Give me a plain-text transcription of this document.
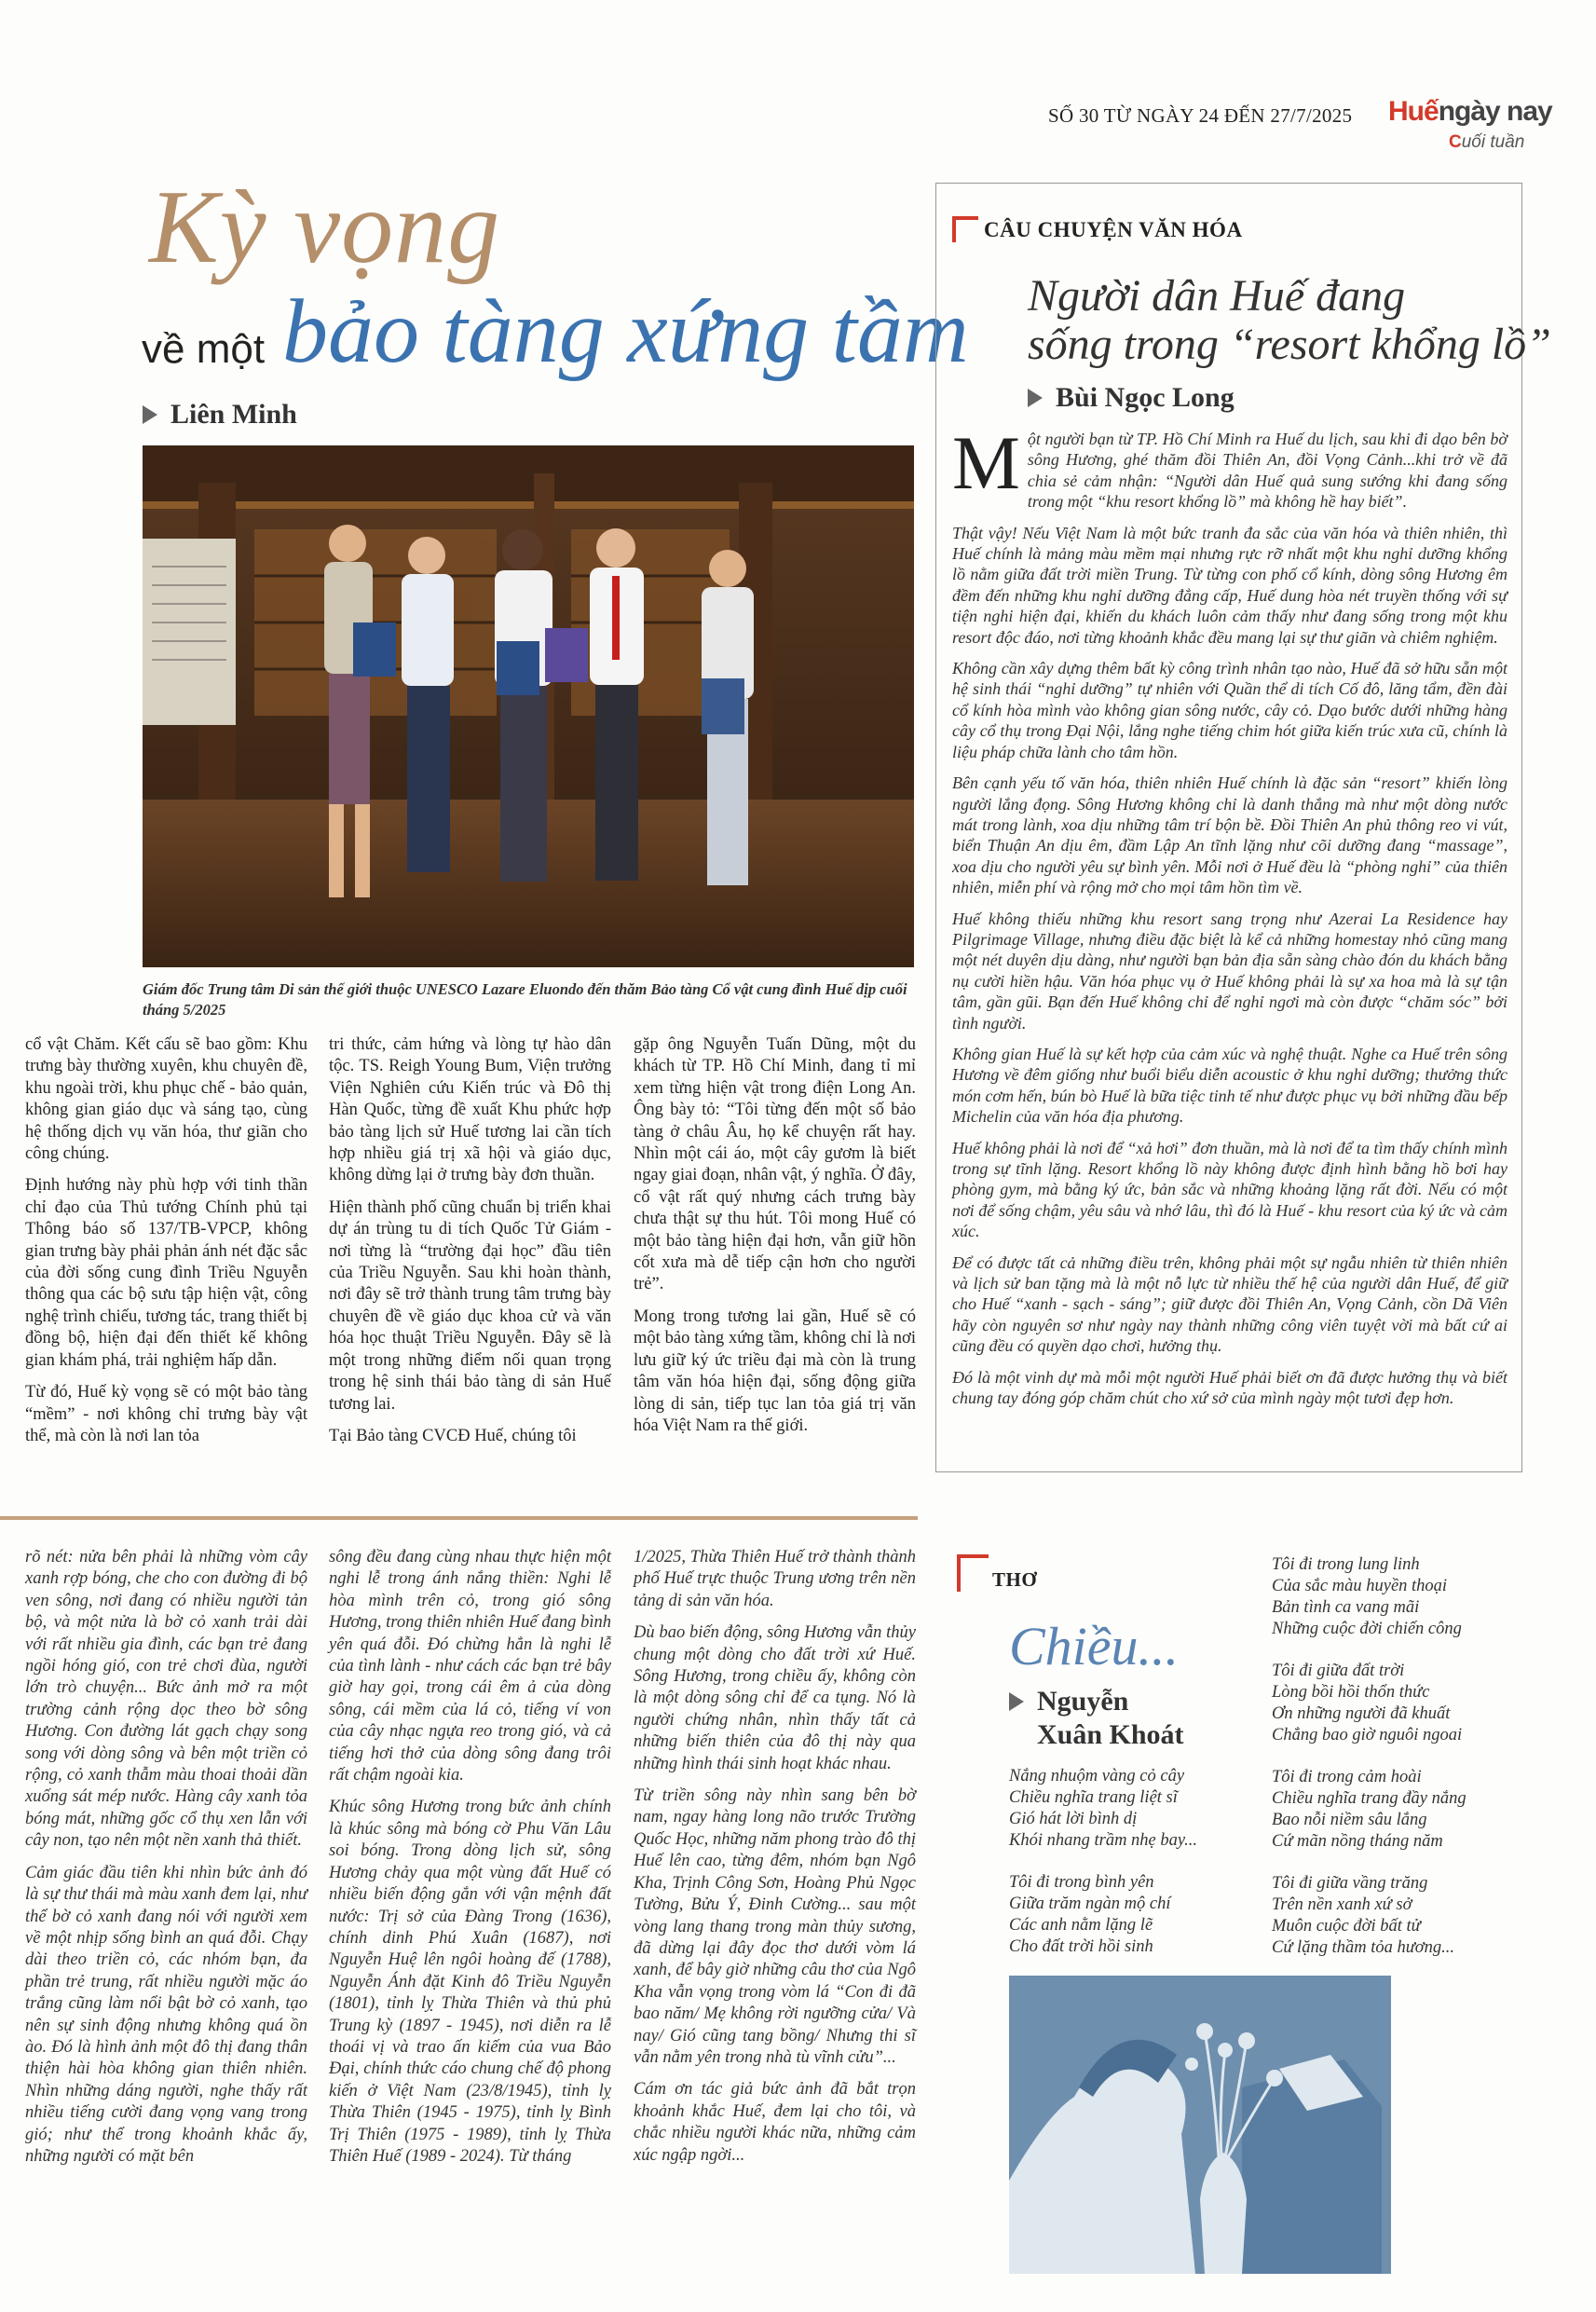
SỐ 30 TỪ NGÀY 24 ĐẾN 27/7/2025 Huếngày nay
Cuối tuần
Kỳ vọng
về một bảo tàng xứng tầm
Liên Minh
Giám đốc Trung tâm Di sản thế giới thuộc UNESCO Lazare Eluondo đến thăm Bảo tàng Cổ vật cung đình Huế dịp cuối tháng 5/2025

cổ vật Chăm. Kết cấu sẽ bao gồm: Khu trưng bày thường xuyên, khu chuyên đề, khu ngoài trời, khu phục chế - bảo quản, không gian giáo dục và sáng tạo, cùng hệ thống dịch vụ văn hóa, thư giãn cho công chúng.

Định hướng này phù hợp với tinh thần chỉ đạo của Thủ tướng Chính phủ tại Thông báo số 137/TB-VPCP, không gian trưng bày phải phản ánh nét đặc sắc của đời sống cung đình Triều Nguyễn thông qua các bộ sưu tập hiện vật, công nghệ trình chiếu, tương tác, trang thiết bị đồng bộ, hiện đại đến thiết kế không gian khám phá, trải nghiệm hấp dẫn.

Từ đó, Huế kỳ vọng sẽ có một bảo tàng “mềm” - nơi không chỉ trưng bày vật thể, mà còn là nơi lan tỏa

tri thức, cảm hứng và lòng tự hào dân tộc. TS. Reigh Young Bum, Viện trưởng Viện Nghiên cứu Kiến trúc và Đô thị Hàn Quốc, từng đề xuất Khu phức hợp bảo tàng lịch sử Huế tương lai cần tích hợp nhiều giá trị xã hội và giáo dục, không dừng lại ở trưng bày đơn thuần.

Hiện thành phố cũng chuẩn bị triển khai dự án trùng tu di tích Quốc Tử Giám - nơi từng là “trường đại học” đầu tiên của Triều Nguyễn. Sau khi hoàn thành, nơi đây sẽ trở thành trung tâm trưng bày chuyên đề về giáo dục khoa cử và văn hóa học thuật Triều Nguyễn. Đây sẽ là một trong những điểm nối quan trọng trong hệ sinh thái bảo tàng di sản Huế tương lai.

Tại Bảo tàng CVCĐ Huế, chúng tôi

gặp ông Nguyễn Tuấn Dũng, một du khách từ TP. Hồ Chí Minh, đang tỉ mỉ xem từng hiện vật trong điện Long An. Ông bày tỏ: “Tôi từng đến một số bảo tàng ở châu Âu, họ kể chuyện rất hay. Nhìn một cái áo, một cây gươm là biết ngay giai đoạn, nhân vật, ý nghĩa. Ở đây, cổ vật rất quý nhưng cách trưng bày chưa thật sự thu hút. Tôi mong Huế có một bảo tàng hiện đại hơn, vẫn giữ hồn cốt xưa mà dễ tiếp cận hơn cho người trẻ”.

Mong trong tương lai gần, Huế sẽ có một bảo tàng xứng tầm, không chỉ là nơi lưu giữ ký ức triều đại mà còn là trung tâm văn hóa hiện đại, sống động giữa lòng di sản, tiếp tục lan tỏa giá trị văn hóa Việt Nam ra thế giới.

rõ nét: nửa bên phải là những vòm cây xanh rợp bóng, che cho con đường đi bộ ven sông, nơi đang có nhiều người tản bộ, và một nửa là bờ cỏ xanh trải dài với rất nhiều gia đình, các bạn trẻ đang ngồi hóng gió, con trẻ chơi đùa, người lớn trò chuyện... Bức ảnh mở ra một trường cảnh rộng dọc theo bờ sông Hương. Con đường lát gạch chạy song song với dòng sông và bên một triền cỏ rộng, cỏ xanh thẫm màu thoai thoải dần xuống sát mép nước. Hàng cây xanh tỏa bóng mát, những gốc cổ thụ xen lẫn với cây non, tạo nên một nền xanh thả thiết.

Cảm giác đầu tiên khi nhìn bức ảnh đó là sự thư thái mà màu xanh đem lại, như thể bờ cỏ xanh đang nói với người xem về một nhịp sống bình an quá đỗi. Chạy dài theo triền cỏ, các nhóm bạn, đa phần trẻ trung, rất nhiều người mặc áo trắng cũng làm nổi bật bờ cỏ xanh, tạo nên sự sinh động nhưng không quá ồn ào. Đó là hình ảnh một đô thị đang thân thiện hài hòa không gian thiên nhiên. Nhìn những dáng người, nghe thấy rất nhiều tiếng cười đang vọng vang trong gió; như thể trong khoảnh khắc ấy, những người có mặt bên

sông đều đang cùng nhau thực hiện một nghi lễ trong ánh nắng thiền: Nghi lễ hòa mình trên cỏ, trong gió sông Hương, trong thiên nhiên Huế đang bình yên quá đỗi. Đó chừng hẳn là nghi lễ của tình lành - như cách các bạn trẻ bây giờ hay gọi, trong cái êm ả của dòng sông, cái mềm của lá cỏ, tiếng ví von của cây nhạc ngựa reo trong gió, và cả tiếng hơi thở của dòng sông đang trôi rất chậm ngoài kia.

Khúc sông Hương trong bức ảnh chính là khúc sông mà bóng cờ Phu Văn Lâu soi bóng. Trong dòng lịch sử, sông Hương chảy qua một vùng đất Huế có nhiều biến động gắn với vận mệnh đất nước: Trị sở của Đàng Trong (1636), chính dinh Phú Xuân (1687), nơi Nguyễn Huệ lên ngôi hoàng đế (1788), Nguyễn Ánh đặt Kinh đô Triều Nguyễn (1801), tỉnh lỵ Thừa Thiên và thủ phủ Trung kỳ (1897 - 1945), nơi diễn ra lễ thoái vị và trao ấn kiếm của vua Bảo Đại, chính thức cáo chung chế độ phong kiến ở Việt Nam (23/8/1945), tỉnh lỵ Thừa Thiên (1945 - 1975), tỉnh lỵ Bình Trị Thiên (1975 - 1989), tỉnh lỵ Thừa Thiên Huế (1989 - 2024). Từ tháng

1/2025, Thừa Thiên Huế trở thành thành phố Huế trực thuộc Trung ương trên nền tảng di sản văn hóa.

Dù bao biến động, sông Hương vẫn thủy chung một dòng cho đất trời xứ Huế. Sông Hương, trong chiều ấy, không còn là một dòng sông chỉ để ca tụng. Nó là người chứng nhân, nhìn thấy tất cả những biến thiên của đô thị này qua những hình thái sinh hoạt khác nhau.

Từ triền sông này nhìn sang bên bờ nam, ngay hàng long não trước Trường Quốc Học, những năm phong trào đô thị Huế lên cao, từng đêm, nhóm bạn Ngô Kha, Trịnh Công Sơn, Hoàng Phủ Ngọc Tường, Bửu Ý, Đinh Cường... sau một vòng lang thang trong màn thủy sương, đã dừng lại đây đọc thơ dưới vòm lá xanh, để bây giờ những câu thơ của Ngô Kha vẫn vọng trong vòm lá “Con đi đã bao năm/ Mẹ không rời ngưỡng cửa/ Và nay/ Gió cũng tang bồng/ Nhưng thi sĩ vẫn nằm yên trong nhà tù vĩnh cửu”...

Cám ơn tác giả bức ảnh đã bắt trọn khoảnh khắc Huế, đem lại cho tôi, và chắc nhiều người khác nữa, những cảm xúc ngập ngời...

CÂU CHUYỆN VĂN HÓA
Người dân Huế đang
sống trong “resort khổng lồ”
Bùi Ngọc Long

Một người bạn từ TP. Hồ Chí Minh ra Huế du lịch, sau khi đi dạo bên bờ sông Hương, ghé thăm đồi Thiên An, đồi Vọng Cảnh...khi trở về đã chia sẻ cảm nhận: “Người dân Huế quả sung sướng khi đang sống trong một “khu resort khổng lồ” mà không hề hay biết”.

Thật vậy! Nếu Việt Nam là một bức tranh đa sắc của văn hóa và thiên nhiên, thì Huế chính là mảng màu mềm mại nhưng rực rỡ nhất một khu nghỉ dưỡng khổng lồ nằm giữa đất trời miền Trung. Từ từng con phố cổ kính, dòng sông Hương êm đềm đến những khu nghỉ dưỡng đẳng cấp, Huế dung hòa nét truyền thống với sự tiện nghi hiện đại, khiến du khách luôn cảm thấy như đang sống trong một khu resort độc đáo, nơi từng khoảnh khắc đều mang lại sự thư giãn và chiêm nghiệm.

Không cần xây dựng thêm bất kỳ công trình nhân tạo nào, Huế đã sở hữu sẵn một hệ sinh thái “nghỉ dưỡng” tự nhiên với Quần thể di tích Cố đô, lăng tẩm, đền đài cổ kính hòa mình vào không gian sông nước, cây cỏ. Dạo bước dưới những hàng cây cổ thụ trong Đại Nội, lắng nghe tiếng chim hót giữa kiến trúc xưa cũ, chính là liệu pháp chữa lành cho tâm hồn.

Bên cạnh yếu tố văn hóa, thiên nhiên Huế chính là đặc sản “resort” khiến lòng người lắng đọng. Sông Hương không chỉ là danh thắng mà như một dòng nước mát trong lành, xoa dịu những tâm trí bộn bề. Đồi Thiên An phủ thông reo vi vút, biển Thuận An dịu êm, đầm Lập An tĩnh lặng như cõi dưỡng đang “massage”, xoa dịu cho người yêu sự bình yên. Mỗi nơi ở Huế đều là “phòng nghỉ” của thiên nhiên, miễn phí và rộng mở cho mọi tâm hồn tìm về.

Huế không thiếu những khu resort sang trọng như Azerai La Residence hay Pilgrimage Village, nhưng điều đặc biệt là kể cả những homestay nhỏ cũng mang một nét duyên dịu dàng, như người bạn bản địa sẵn sàng chào đón du khách bằng nụ cười hiền hậu. Văn hóa phục vụ ở Huế không phải là sự xa hoa mà là sự tận tâm, gần gũi. Bạn đến Huế không chỉ để nghỉ ngơi mà còn được “chăm sóc” bởi tình người.

Không gian Huế là sự kết hợp của cảm xúc và nghệ thuật. Nghe ca Huế trên sông Hương về đêm giống như buổi biểu diễn acoustic ở khu nghỉ dưỡng; thưởng thức món cơm hến, bún bò Huế là bữa tiệc tinh tế như được phục vụ bởi những đầu bếp Michelin của văn hóa địa phương.

Huế không phải là nơi để “xả hơi” đơn thuần, mà là nơi để ta tìm thấy chính mình trong sự tĩnh lặng. Resort khổng lồ này không được định hình bằng hồ bơi hay phòng gym, mà bằng ký ức, bản sắc và những khoảng lặng rất đời. Nếu có một nơi để sống chậm, yêu sâu và nhớ lâu, thì đó là Huế - khu resort của ký ức và cảm xúc.

Để có được tất cả những điều trên, không phải một sự ngẫu nhiên từ thiên nhiên và lịch sử ban tặng mà là một nỗ lực từ nhiều thế hệ của người dân Huế, để giữ cho Huế “xanh - sạch - sáng”; giữ được đồi Thiên An, Vọng Cảnh, cồn Dã Viên hãy còn nguyên sơ như ngày nay thành những công viên tuyệt vời mà bất cứ ai cũng đều có quyền dạo chơi, hưởng thụ.

Đó là một vinh dự mà mỗi một người Huế phải biết ơn đã được hưởng thụ và biết chung tay đóng góp chăm chút cho xứ sở của mình ngày một tươi đẹp hơn.

THƠ
Chiều...
Nguyễn
Xuân Khoát
Nắng nhuộm vàng cỏ cây
Chiều nghĩa trang liệt sĩ
Gió hát lời bình dị
Khói nhang trầm nhẹ bay...
Tôi đi trong bình yên
Giữa trăm ngàn mộ chí
Các anh nằm lặng lẽ
Cho đất trời hồi sinh
Tôi đi trong lung linh
Của sắc màu huyền thoại
Bản tình ca vang mãi
Những cuộc đời chiến công
Tôi đi giữa đất trời
Lòng bồi hồi thổn thức
Ơn những người đã khuất
Chẳng bao giờ nguôi ngoai
Tôi đi trong cảm hoài
Chiều nghĩa trang đầy nắng
Bao nỗi niềm sâu lắng
Cứ mãn nồng tháng năm
Tôi đi giữa vầng trăng
Trên nền xanh xứ sở
Muôn cuộc đời bất tử
Cứ lặng thầm tỏa hương...
